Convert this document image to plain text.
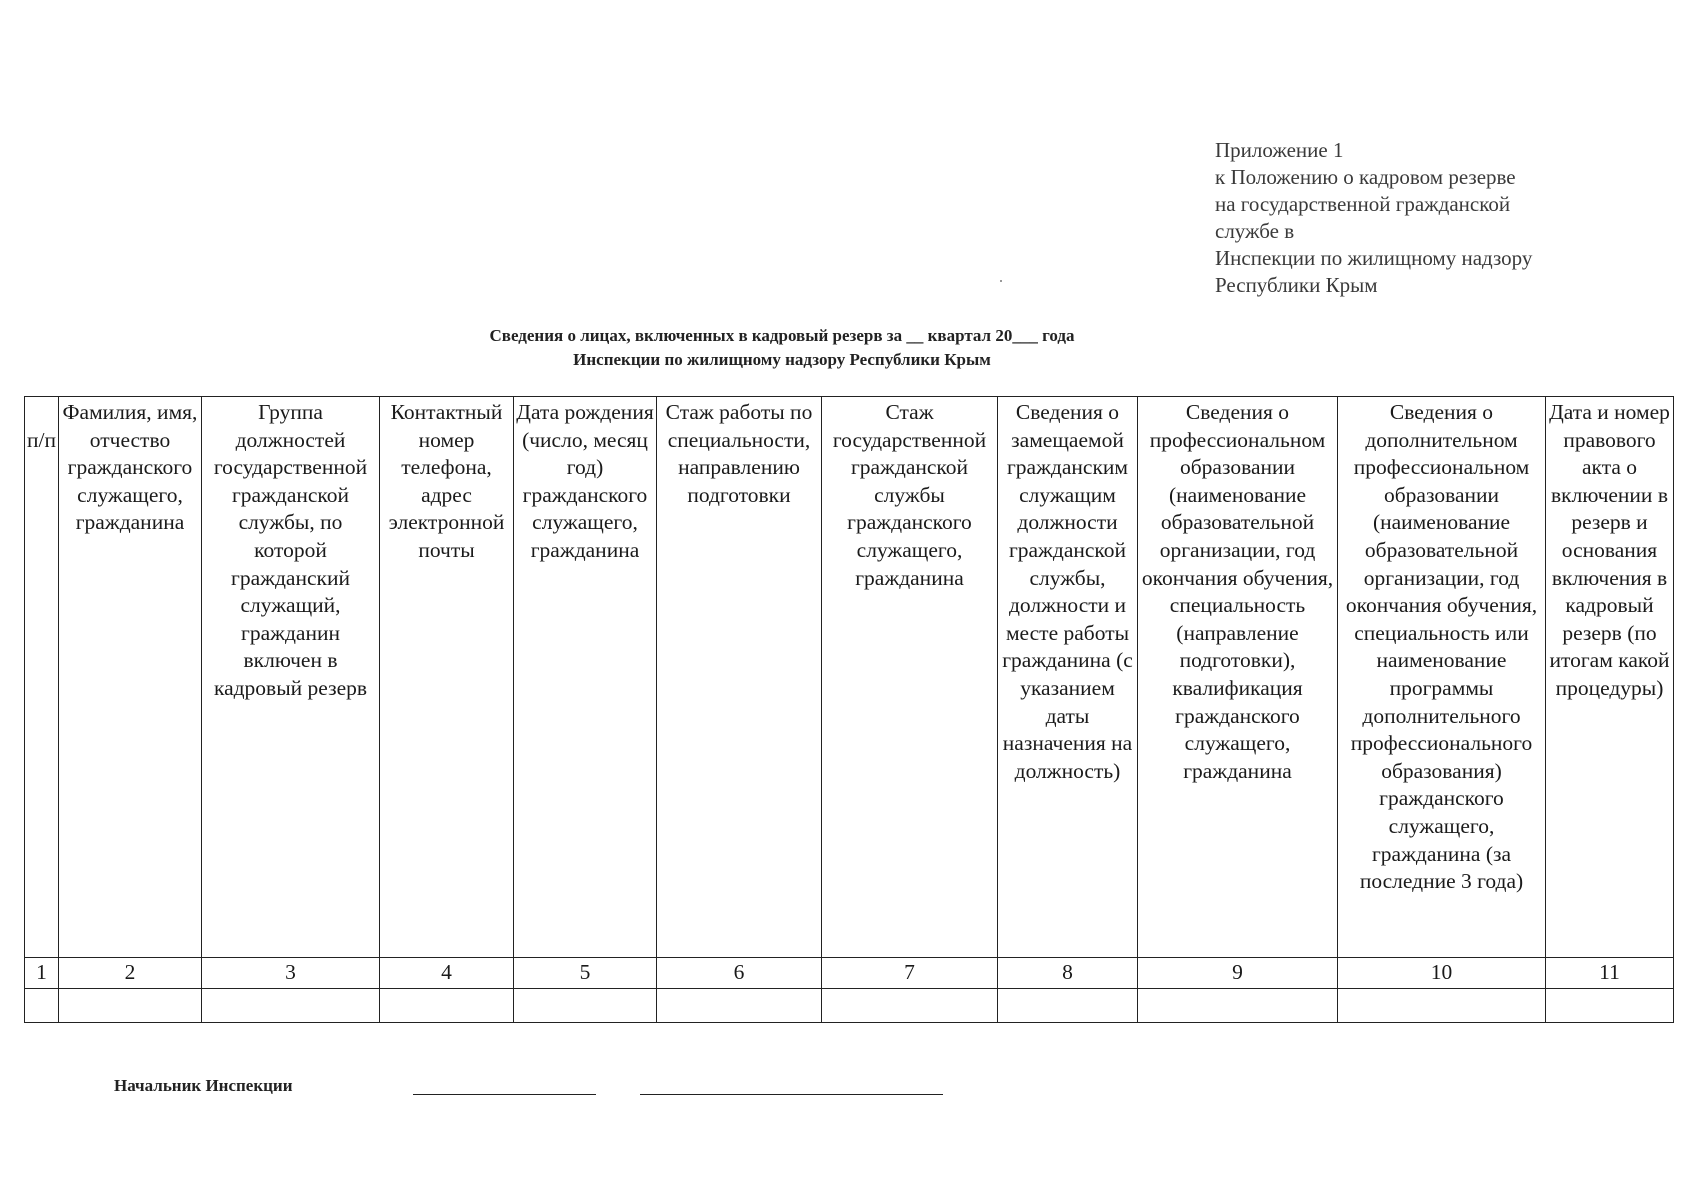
Приложение 1
к Положению о кадровом резерве
на государственной гражданской
службе в
Инспекции по жилищному надзору
Республики Крым
Сведения о лицах, включенных в кадровый резерв за __ квартал 20___ года
Инспекции по жилищному надзору Республики Крым
п/п	Фамилия, имя, отчество гражданского служащего, гражданина	Группа должностей государственной гражданской службы, по которой гражданский служащий, гражданин включен в кадровый резерв	Контактный номер телефона, адрес электронной почты	Дата рождения (число, месяц год) гражданского служащего, гражданина	Стаж работы по специальности, направлению подготовки	Стаж государственной гражданской службы гражданского служащего, гражданина	Сведения о замещаемой гражданским служащим должности гражданской службы, должности и месте работы гражданина (с указанием даты назначения на должность)	Сведения о профессиональном образовании (наименование образовательной организации, год окончания обучения, специальность (направление подготовки), квалификация гражданского служащего, гражданина	Сведения о дополнительном профессиональном образовании (наименование образовательной организации, год окончания обучения, специальность или наименование программы дополнительного профессионального образования) гражданского служащего, гражданина (за последние 3 года)	Дата и номер правового акта о включении в резерв и основания включения в кадровый резерв (по итогам какой процедуры)
1	2	3	4	5	6	7	8	9	10	11

Начальник Инспекции
